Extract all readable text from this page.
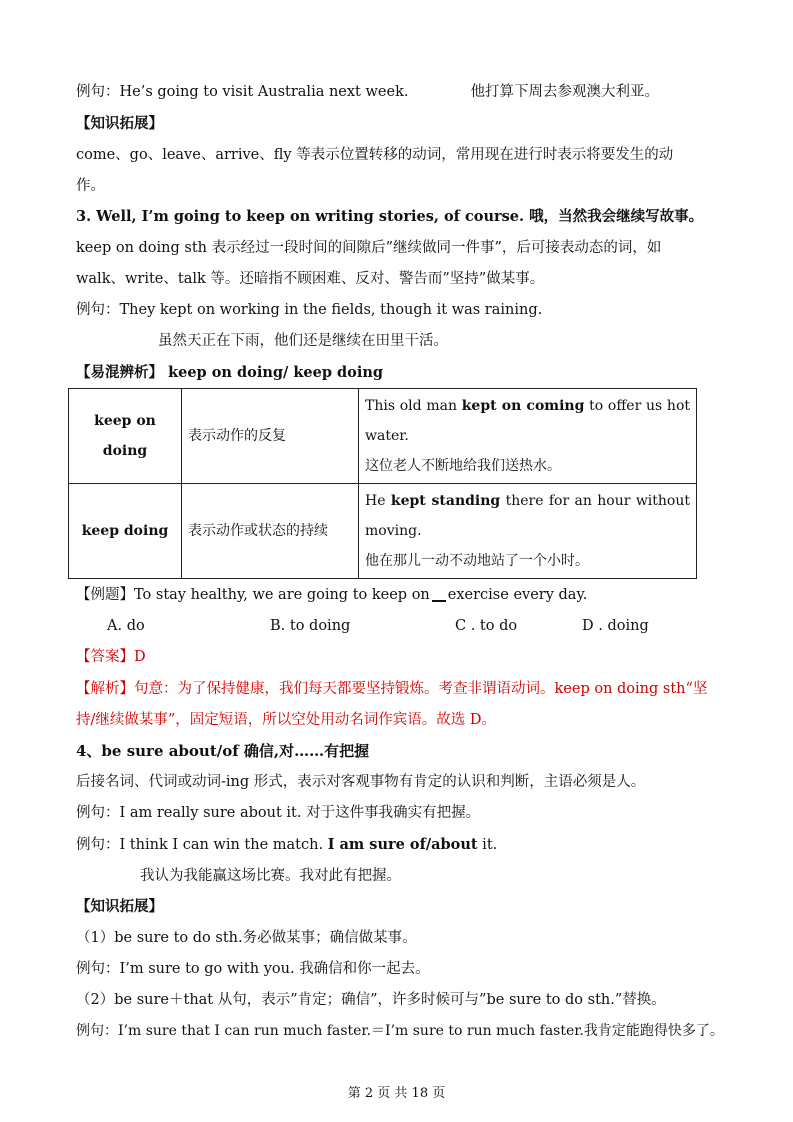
例句：He’s going to visit Australia next week.	他打算下周去参观澳大利亚。
【知识拓展】
come、go、leave、arrive、fly 等表示位置转移的动词，常用现在进行时表示将要发生的动
作。
3. Well, I’m going to keep on writing stories, of course. 哦，当然我会继续写故事。
keep on doing sth 表示经过一段时间的间隙后”继续做同一件事”，后可接表动态的词，如
walk、write、talk 等。还暗指不顾困难、反对、警告而”坚持”做某事。
例句：They kept on working in the fields, though it was raining.
虽然天正在下雨，他们还是继续在田里干活。
【易混辨析】 keep on doing/ keep doing
keep on doing	表示动作的反复	This old man kept on coming to offer us hot water.
这位老人不断地给我们送热水。
keep doing	表示动作或状态的持续	He kept standing there for an hour without moving.
他在那儿一动不动地站了一个小时。
【例题】To stay healthy, we are going to keep on exercise every day.
A. do	B. to doing	C . to do	D . doing
【答案】D
【解析】句意：为了保持健康，我们每天都要坚持锻炼。考查非谓语动词。keep on doing sth“坚
持/继续做某事”，固定短语，所以空处用动名词作宾语。故选 D。
4、be sure about/of 确信,对……有把握
后接名词、代词或动词-ing 形式，表示对客观事物有肯定的认识和判断，主语必须是人。
例句：I am really sure about it. 对于这件事我确实有把握。
例句：I think I can win the match. I am sure of/about it.
我认为我能赢这场比赛。我对此有把握。
【知识拓展】
（1）be sure to do sth.务必做某事；确信做某事。
例句：I’m sure to go with you. 我确信和你一起去。
（2）be sure＋that 从句，表示”肯定；确信”，许多时候可与”be sure to do sth.”替换。
例句：I’m sure that I can run much faster.＝I’m sure to run much faster.我肯定能跑得快多了。
第 2 页 共 18 页
